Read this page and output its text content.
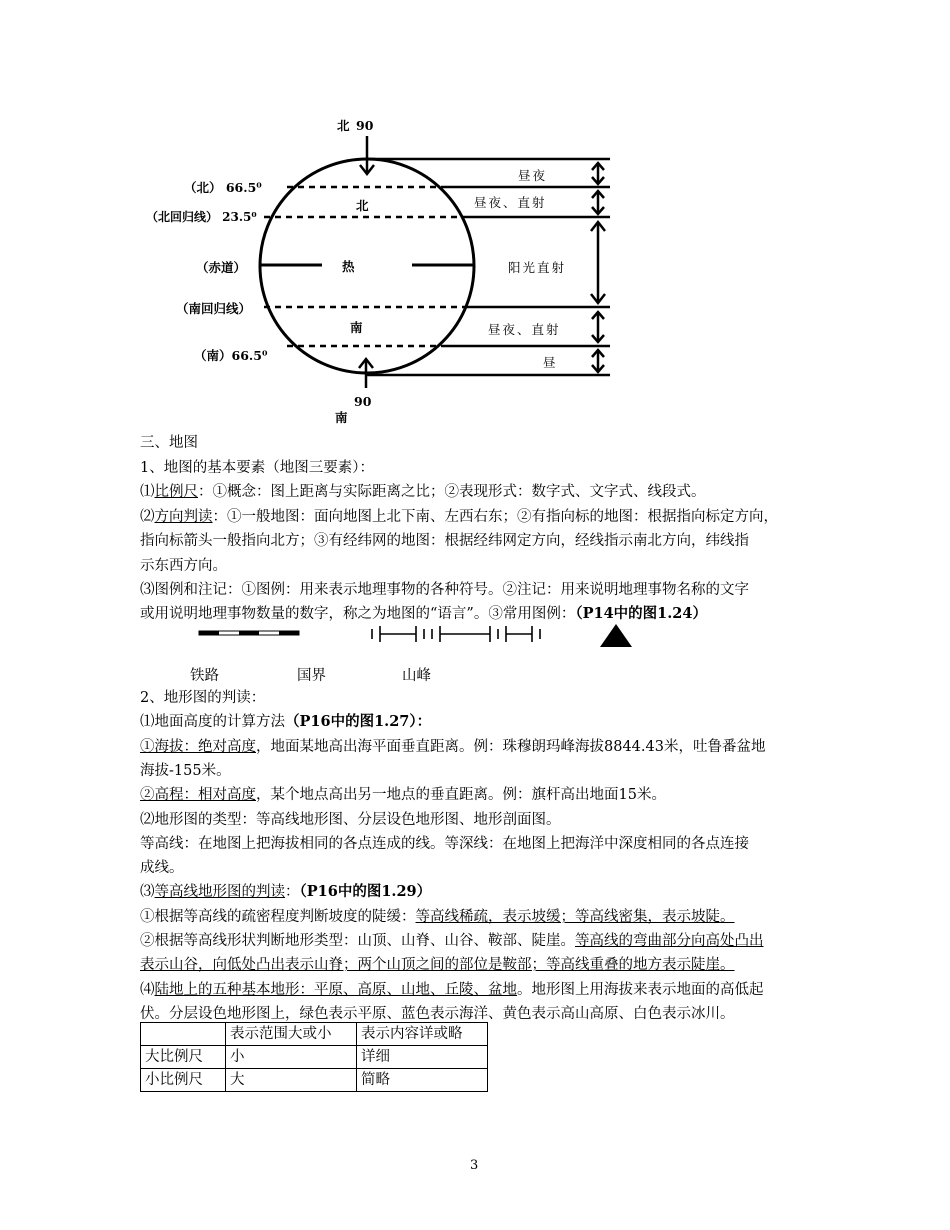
北 90
（北） 66.5⁰
（北回归线） 23.5⁰
（赤道）
（南回归线）
（南）66.5⁰
北
热
南
90
南
昼夜
昼夜、直射
阳光直射
昼夜、直射
昼
三、地图
1、地图的基本要素（地图三要素）：
⑴比例尺：①概念：图上距离与实际距离之比；②表现形式：数字式、文字式、线段式。
⑵方向判读：①一般地图：面向地图上北下南、左西右东；②有指向标的地图：根据指向标定方向，
指向标箭头一般指向北方；③有经纬网的地图：根据经纬网定方向，经线指示南北方向，纬线指
示东西方向。
⑶图例和注记：①图例：用来表示地理事物的各种符号。②注记：用来说明地理事物名称的文字
或用说明地理事物数量的数字，称之为地图的“语言”。③常用图例：（P14中的图1.24）
铁路	国界	山峰
2、地形图的判读：
⑴地面高度的计算方法（P16中的图1.27）：
①海拔：绝对高度，地面某地高出海平面垂直距离。例：珠穆朗玛峰海拔8844.43米，吐鲁番盆地
海拔-155米。
②高程：相对高度，某个地点高出另一地点的垂直距离。例：旗杆高出地面15米。
⑵地形图的类型：等高线地形图、分层设色地形图、地形剖面图。
等高线：在地图上把海拔相同的各点连成的线。等深线：在地图上把海洋中深度相同的各点连接
成线。
⑶等高线地形图的判读：（P16中的图1.29）
①根据等高线的疏密程度判断坡度的陡缓：等高线稀疏，表示坡缓；等高线密集，表示坡陡。
②根据等高线形状判断地形类型：山顶、山脊、山谷、鞍部、陡崖。等高线的弯曲部分向高处凸出
表示山谷，向低处凸出表示山脊；两个山顶之间的部位是鞍部；等高线重叠的地方表示陡崖。
⑷陆地上的五种基本地形：平原、高原、山地、丘陵、盆地。地形图上用海拔来表示地面的高低起
伏。分层设色地形图上，绿色表示平原、蓝色表示海洋、黄色表示高山高原、白色表示冰川。
	表示范围大或小	表示内容详或略
大比例尺	小	详细
小比例尺	大	简略
3
